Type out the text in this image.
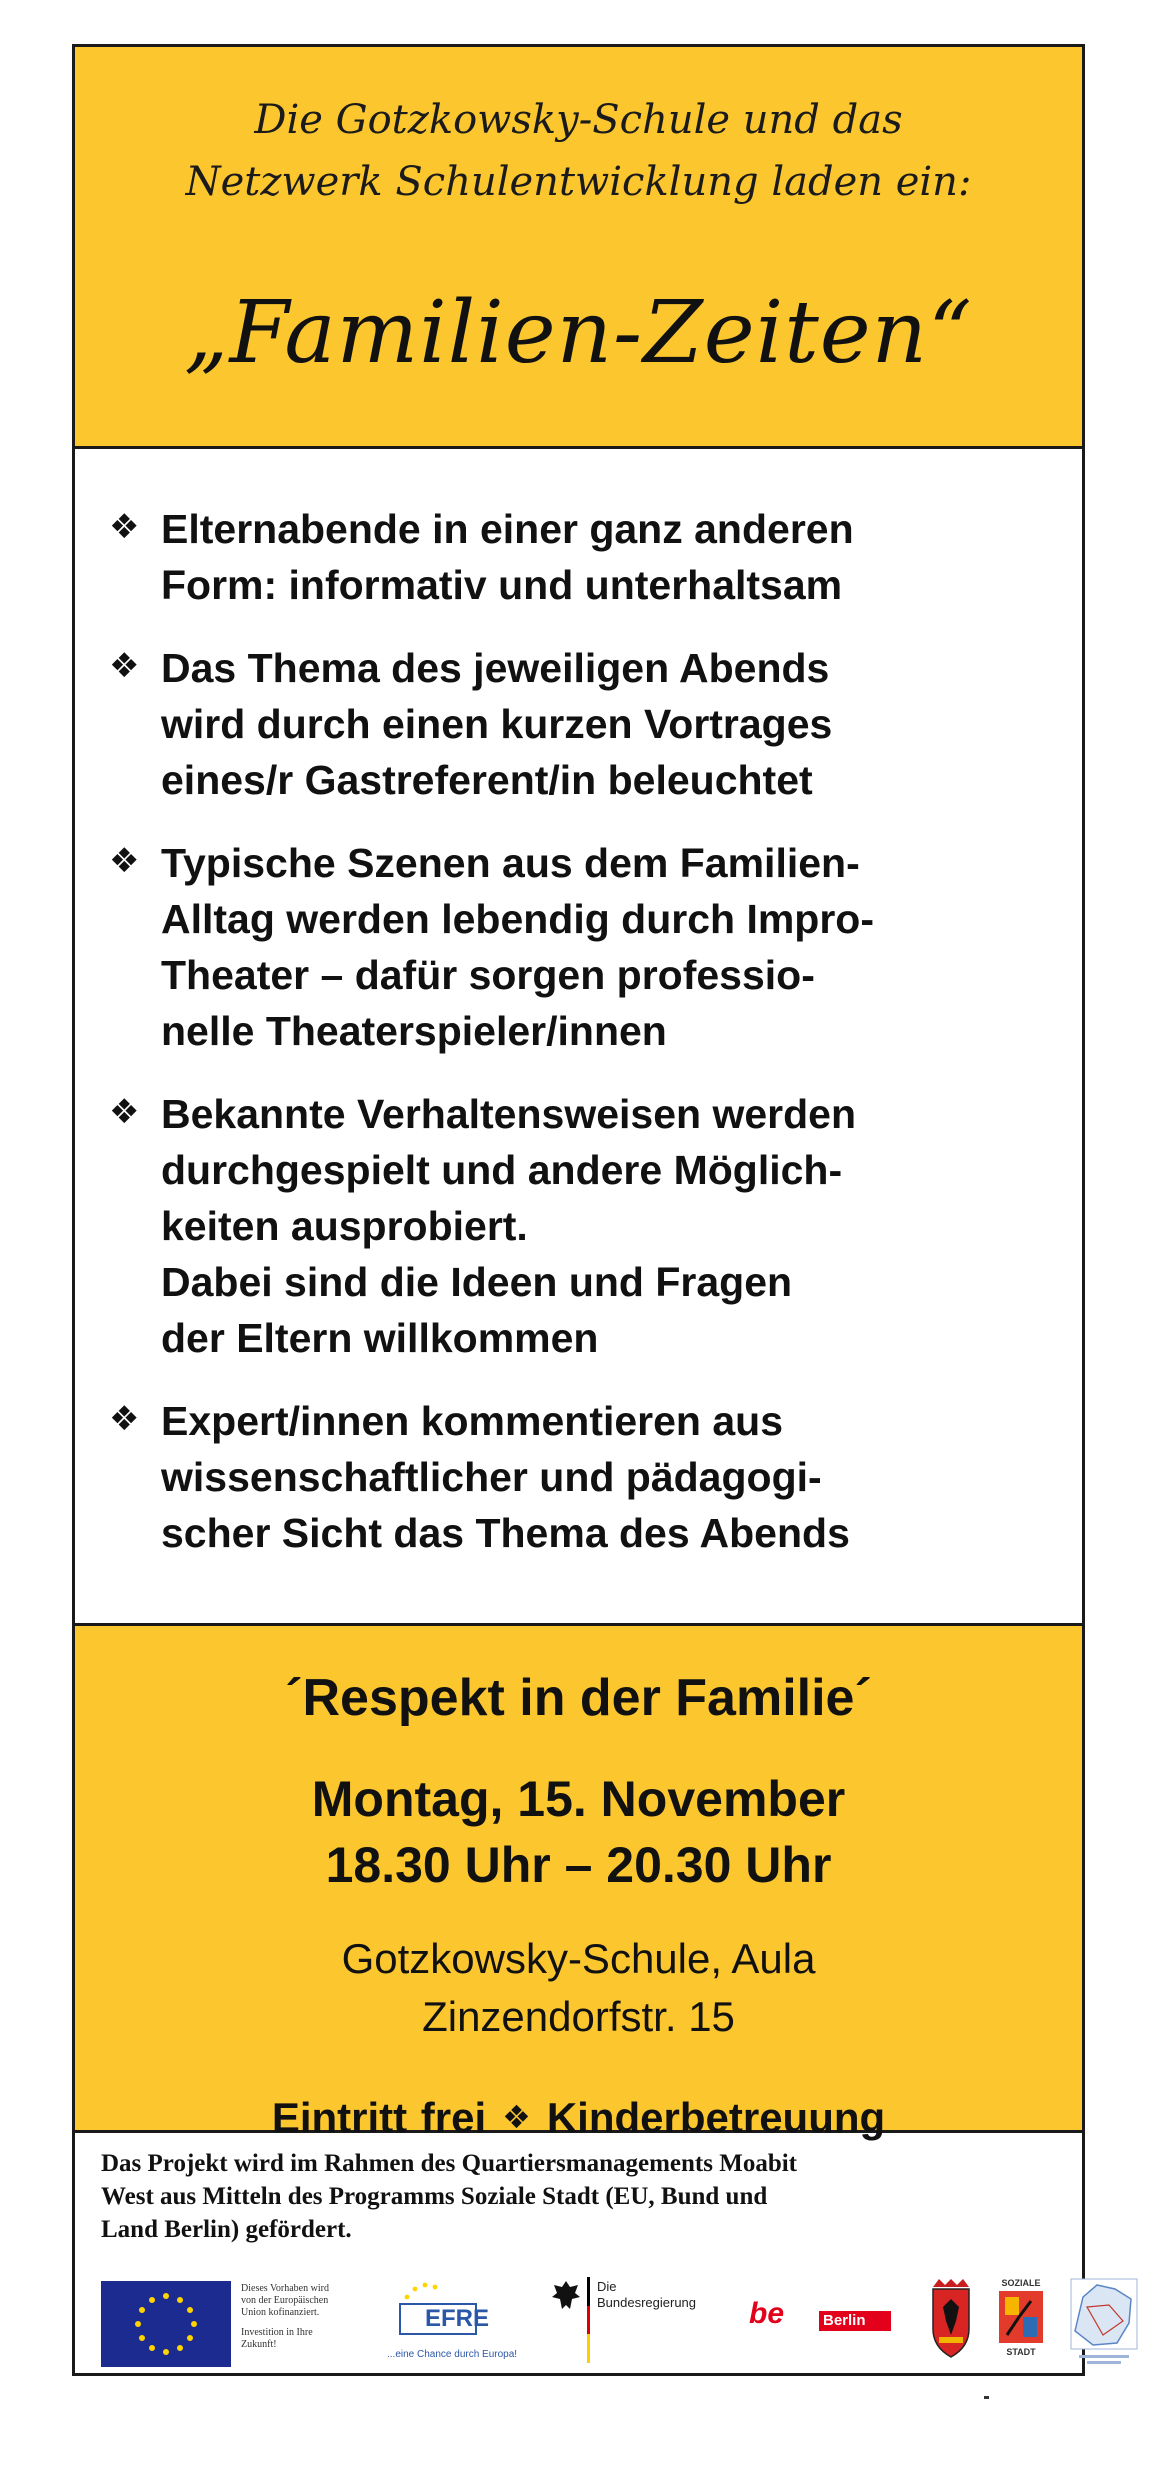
Die Gotzkowsky-Schule und das
Netzwerk Schulentwicklung laden ein:
„Familien-Zeiten“
❖ Elternabende in einer ganz anderen
Form: informativ und unterhaltsam
❖ Das Thema des jeweiligen Abends
wird durch einen kurzen Vortrages
eines/r Gastreferent/in beleuchtet
❖ Typische Szenen aus dem Familien-
Alltag werden lebendig durch Impro-
Theater – dafür sorgen professio-
nelle Theaterspieler/innen
❖ Bekannte Verhaltensweisen werden
durchgespielt und andere Möglich-
keiten ausprobiert.
Dabei sind die Ideen und Fragen
der Eltern willkommen
❖ Expert/innen kommentieren aus
wissenschaftlicher und pädagogi-
scher Sicht das Thema des Abends
´Respekt in der Familie´
Montag, 15. November
18.30 Uhr – 20.30 Uhr
Gotzkowsky-Schule, Aula
Zinzendorfstr. 15
Eintritt frei ❖ Kinderbetreuung
Das Projekt wird im Rahmen des Quartiersmanagements Moabit
West aus Mitteln des Programms Soziale Stadt (EU, Bund und
Land Berlin) gefördert.
Dieses Vorhaben wird
von der Europäischen
Union kofinanziert.
Investition in Ihre
Zukunft!
EFRE
...eine Chance durch Europa!
Die
Bundesregierung be	Berlin
SOZIALE
STADT
